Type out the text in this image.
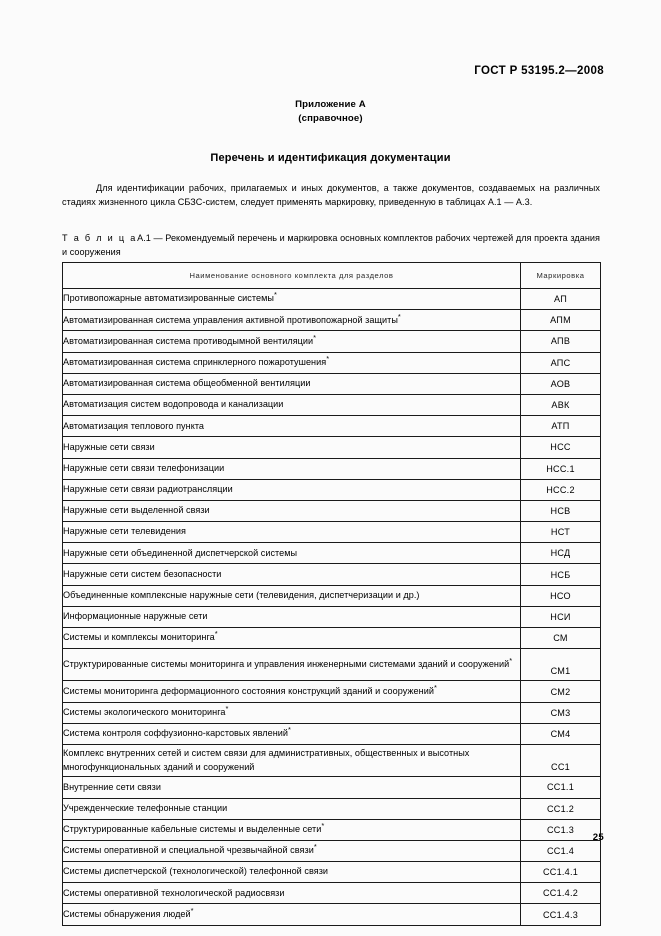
ГОСТ Р 53195.2—2008
Приложение А
(справочное)
Перечень и идентификация документации
Для идентификации рабочих, прилагаемых и иных документов, а также документов, создаваемых на различных стадиях жизненного цикла СБЗС-систем, следует применять маркировку, приведенную в таблицах А.1 — А.3.
Т а б л и ц аА.1 — Рекомендуемый перечень и маркировка основных комплектов рабочих чертежей для проекта здания и сооружения
Наименование основного комплекта для разделов	Маркировка
Противопожарные автоматизированные системы*	АП
Автоматизированная система управления активной противопожарной защиты*	АПМ
Автоматизированная система противодымной вентиляции*	АПВ
Автоматизированная система спринклерного пожаротушения*	АПС
Автоматизированная система общеобменной вентиляции	АОВ
Автоматизация систем водопровода и канализации	АВК
Автоматизация теплового пункта	АТП
Наружные сети связи	НСС
Наружные сети связи телефонизации	НСС.1
Наружные сети связи радиотрансляции	НСС.2
Наружные сети выделенной связи	НСВ
Наружные сети телевидения	НСТ
Наружные сети объединенной диспетчерской системы	НСД
Наружные сети систем безопасности	НСБ
Объединенные комплексные наружные сети (телевидения, диспетчеризации и др.)	НСО
Информационные наружные сети	НСИ
Системы и комплексы мониторинга*	СМ
Структурированные системы мониторинга и управления инженерными системами зданий и сооружений*	СМ1
Системы мониторинга деформационного состояния конструкций зданий и сооружений*	СМ2
Системы экологического мониторинга*	СМ3
Система контроля соффузионно-карстовых явлений*	СМ4
Комплекс внутренних сетей и систем связи для административных, общественных и высотных многофункциональных зданий и сооружений	СС1
Внутренние сети связи	СС1.1
Учрежденческие телефонные станции	СС1.2
Структурированные кабельные системы и выделенные сети*	СС1.3
Системы оперативной и специальной чрезвычайной связи*	СС1.4
Системы диспетчерской (технологической) телефонной связи	СС1.4.1
Системы оперативной технологической радиосвязи	СС1.4.2
Системы обнаружения людей*	СС1.4.3
25
